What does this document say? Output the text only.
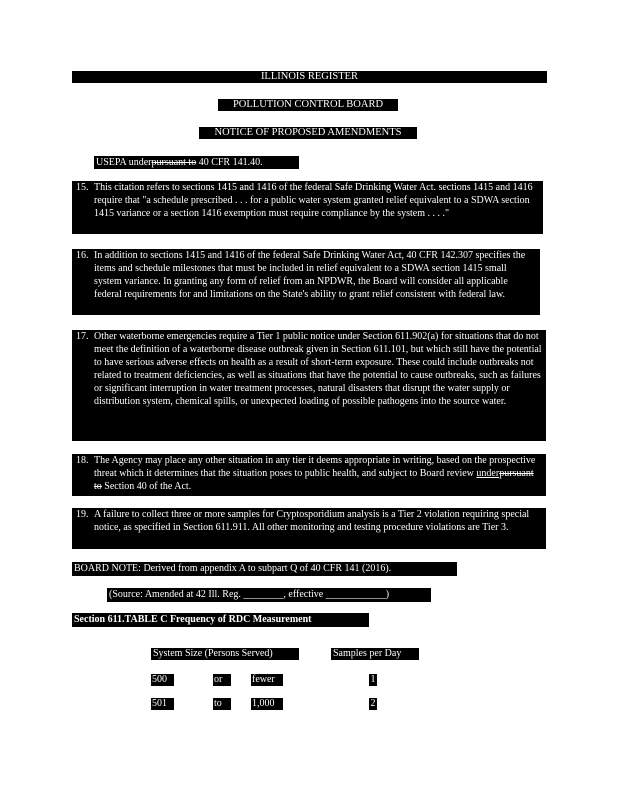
ILLINOIS REGISTER
POLLUTION CONTROL BOARD
NOTICE OF PROPOSED AMENDMENTS
USEPA underpursuant to 40 CFR 141.40.
15. This citation refers to sections 1415 and 1416 of the federal Safe Drinking Water Act. sections 1415 and 1416 require that "a schedule prescribed . . . for a public water system granted relief equivalent to a SDWA section 1415 variance or a section 1416 exemption must require compliance by the system . . . ."
16. In addition to sections 1415 and 1416 of the federal Safe Drinking Water Act, 40 CFR 142.307 specifies the items and schedule milestones that must be included in relief equivalent to a SDWA section 1415 small system variance. In granting any form of relief from an NPDWR, the Board will consider all applicable federal requirements for and limitations on the State's ability to grant relief consistent with federal law.
17. Other waterborne emergencies require a Tier 1 public notice under Section 611.902(a) for situations that do not meet the definition of a waterborne disease outbreak given in Section 611.101, but which still have the potential to have serious adverse effects on health as a result of short-term exposure. These could include outbreaks not related to treatment deficiencies, as well as situations that have the potential to cause outbreaks, such as failures or significant interruption in water treatment processes, natural disasters that disrupt the water supply or distribution system, chemical spills, or unexpected loading of possible pathogens into the source water.
18. The Agency may place any other situation in any tier it deems appropriate in writing, based on the prospective threat which it determines that the situation poses to public health, and subject to Board review underpursuant to Section 40 of the Act.
19. A failure to collect three or more samples for Cryptosporidium analysis is a Tier 2 violation requiring special notice, as specified in Section 611.911. All other monitoring and testing procedure violations are Tier 3.
BOARD NOTE: Derived from appendix A to subpart Q of 40 CFR 141 (2016).
(Source: Amended at 42 Ill. Reg. ________, effective ____________)
Section 611.TABLE C Frequency of RDC Measurement
System Size (Persons Served)	Samples per Day
500	or	fewer	1
501	to	1,000	2
